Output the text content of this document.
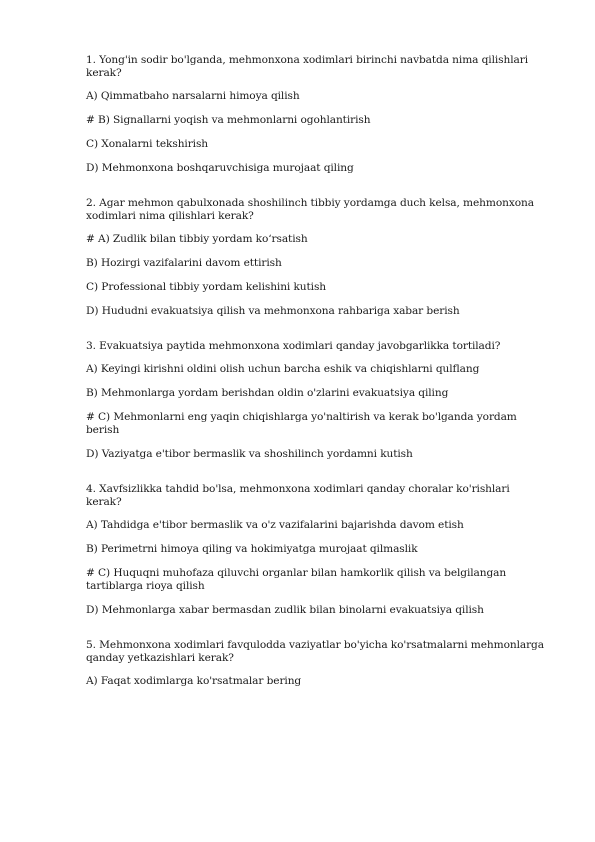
1. Yong'in sodir bo'lganda, mehmonxona xodimlari birinchi navbatda nima qilishlari kerak?

A) Qimmatbaho narsalarni himoya qilish

# B) Signallarni yoqish va mehmonlarni ogohlantirish

C) Xonalarni tekshirish

D) Mehmonxona boshqaruvchisiga murojaat qiling

2. Agar mehmon qabulxonada shoshilinch tibbiy yordamga duch kelsa, mehmonxona xodimlari nima qilishlari kerak?

# A) Zudlik bilan tibbiy yordam ko‘rsatish

B) Hozirgi vazifalarini davom ettirish

C) Professional tibbiy yordam kelishini kutish

D) Hududni evakuatsiya qilish va mehmonxona rahbariga xabar berish

3. Evakuatsiya paytida mehmonxona xodimlari qanday javobgarlikka tortiladi?

A) Keyingi kirishni oldini olish uchun barcha eshik va chiqishlarni qulflang

B) Mehmonlarga yordam berishdan oldin o'zlarini evakuatsiya qiling

# C) Mehmonlarni eng yaqin chiqishlarga yo'naltirish va kerak bo'lganda yordam berish

D) Vaziyatga e'tibor bermaslik va shoshilinch yordamni kutish

4. Xavfsizlikka tahdid bo'lsa, mehmonxona xodimlari qanday choralar ko'rishlari kerak?

A) Tahdidga e'tibor bermaslik va o'z vazifalarini bajarishda davom etish

B) Perimetrni himoya qiling va hokimiyatga murojaat qilmaslik

# C) Huquqni muhofaza qiluvchi organlar bilan hamkorlik qilish va belgilangan tartiblarga rioya qilish

D) Mehmonlarga xabar bermasdan zudlik bilan binolarni evakuatsiya qilish

5. Mehmonxona xodimlari favqulodda vaziyatlar bo'yicha ko'rsatmalarni mehmonlarga qanday yetkazishlari kerak?

A) Faqat xodimlarga ko'rsatmalar bering
